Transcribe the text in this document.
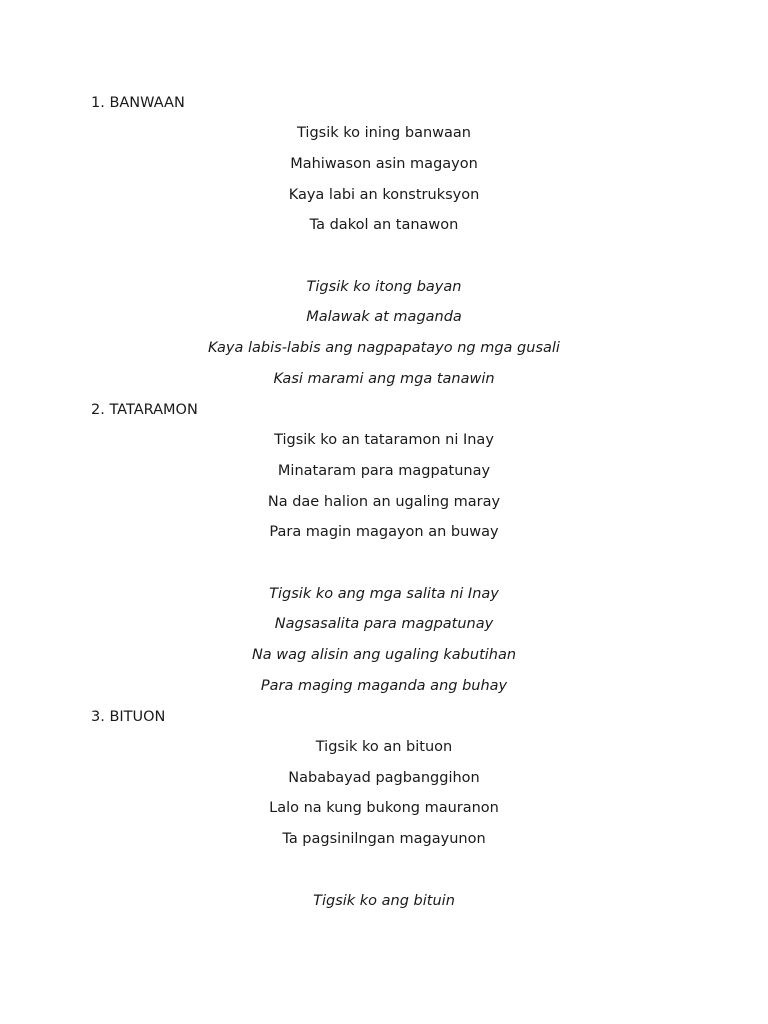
1. BANWAAN
Tigsik ko ining banwaan
Mahiwason asin magayon
Kaya labi an konstruksyon
Ta dakol an tanawon
Tigsik ko itong bayan
Malawak at maganda
Kaya labis-labis ang nagpapatayo ng mga gusali
Kasi marami ang mga tanawin
2. TATARAMON
Tigsik ko an tataramon ni Inay
Minataram para magpatunay
Na dae halion an ugaling maray
Para magin magayon an buway
Tigsik ko ang mga salita ni Inay
Nagsasalita para magpatunay
Na wag alisin ang ugaling kabutihan
Para maging maganda ang buhay
3. BITUON
Tigsik ko an bituon
Nababayad pagbanggihon
Lalo na kung bukong mauranon
Ta pagsinilngan magayunon
Tigsik ko ang bituin
